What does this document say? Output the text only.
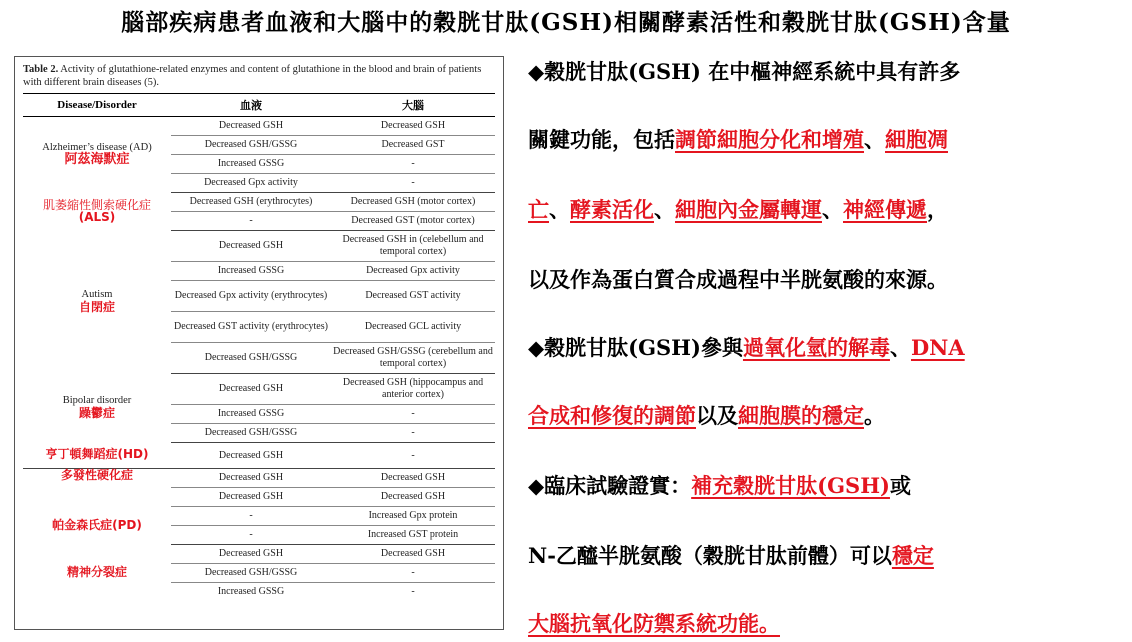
腦部疾病患者血液和大腦中的穀胱甘肽(GSH)相關酵素活性和穀胱甘肽(GSH)含量
Table 2. Activity of glutathione-related enzymes and content of glutathione in the blood and brain of patients with different brain diseases (5).
Disease/Disorder	血液	大腦

Alzheimer’s disease (AD)
阿茲海默症	Decreased GSH	Decreased GSH
	Decreased GSH/GSSG	Decreased GST
	Increased GSSG	-
	Decreased Gpx activity	-

肌萎縮性側索硬化症
(ALS)	Decreased GSH (erythrocytes)	Decreased GSH (motor cortex)
	-	Decreased GST (motor cortex)

Autism
自閉症	Decreased GSH	Decreased GSH in (celebellum and temporal cortex)
	Increased GSSG	Decreased Gpx activity
	Decreased Gpx activity (erythrocytes)	Decreased GST activity
	Decreased GST activity (erythrocytes)	Decreased GCL activity
	Decreased GSH/GSSG	Decreased GSH/GSSG (cerebellum and temporal cortex)

Bipolar disorder
躁鬱症	Decreased GSH	Decreased GSH (hippocampus and anterior cortex)
	Increased GSSG	-
	Decreased GSH/GSSG	-
亨丁頓舞蹈症(HD)	Decreased GSH	-
多發性硬化症	Decreased GSH	Decreased GSH
	Decreased GSH	Decreased GSH
帕金森氏症(PD)	-	Increased Gpx protein
	-	Increased GST protein
精神分裂症	Decreased GSH	Decreased GSH
	Decreased GSH/GSSG	-
	Increased GSSG	-
◆穀胱甘肽(GSH) 在中樞神經系統中具有許多
關鍵功能，包括調節細胞分化和增殖、細胞凋
亡、酵素活化、細胞內金屬轉運、神經傳遞，
以及作為蛋白質合成過程中半胱氨酸的來源。
◆穀胱甘肽(GSH)參與過氧化氫的解毒、DNA
合成和修復的調節以及細胞膜的穩定。
◆臨床試驗證實：補充穀胱甘肽(GSH)或
N-乙醯半胱氨酸（穀胱甘肽前體）可以穩定
大腦抗氧化防禦系統功能。
